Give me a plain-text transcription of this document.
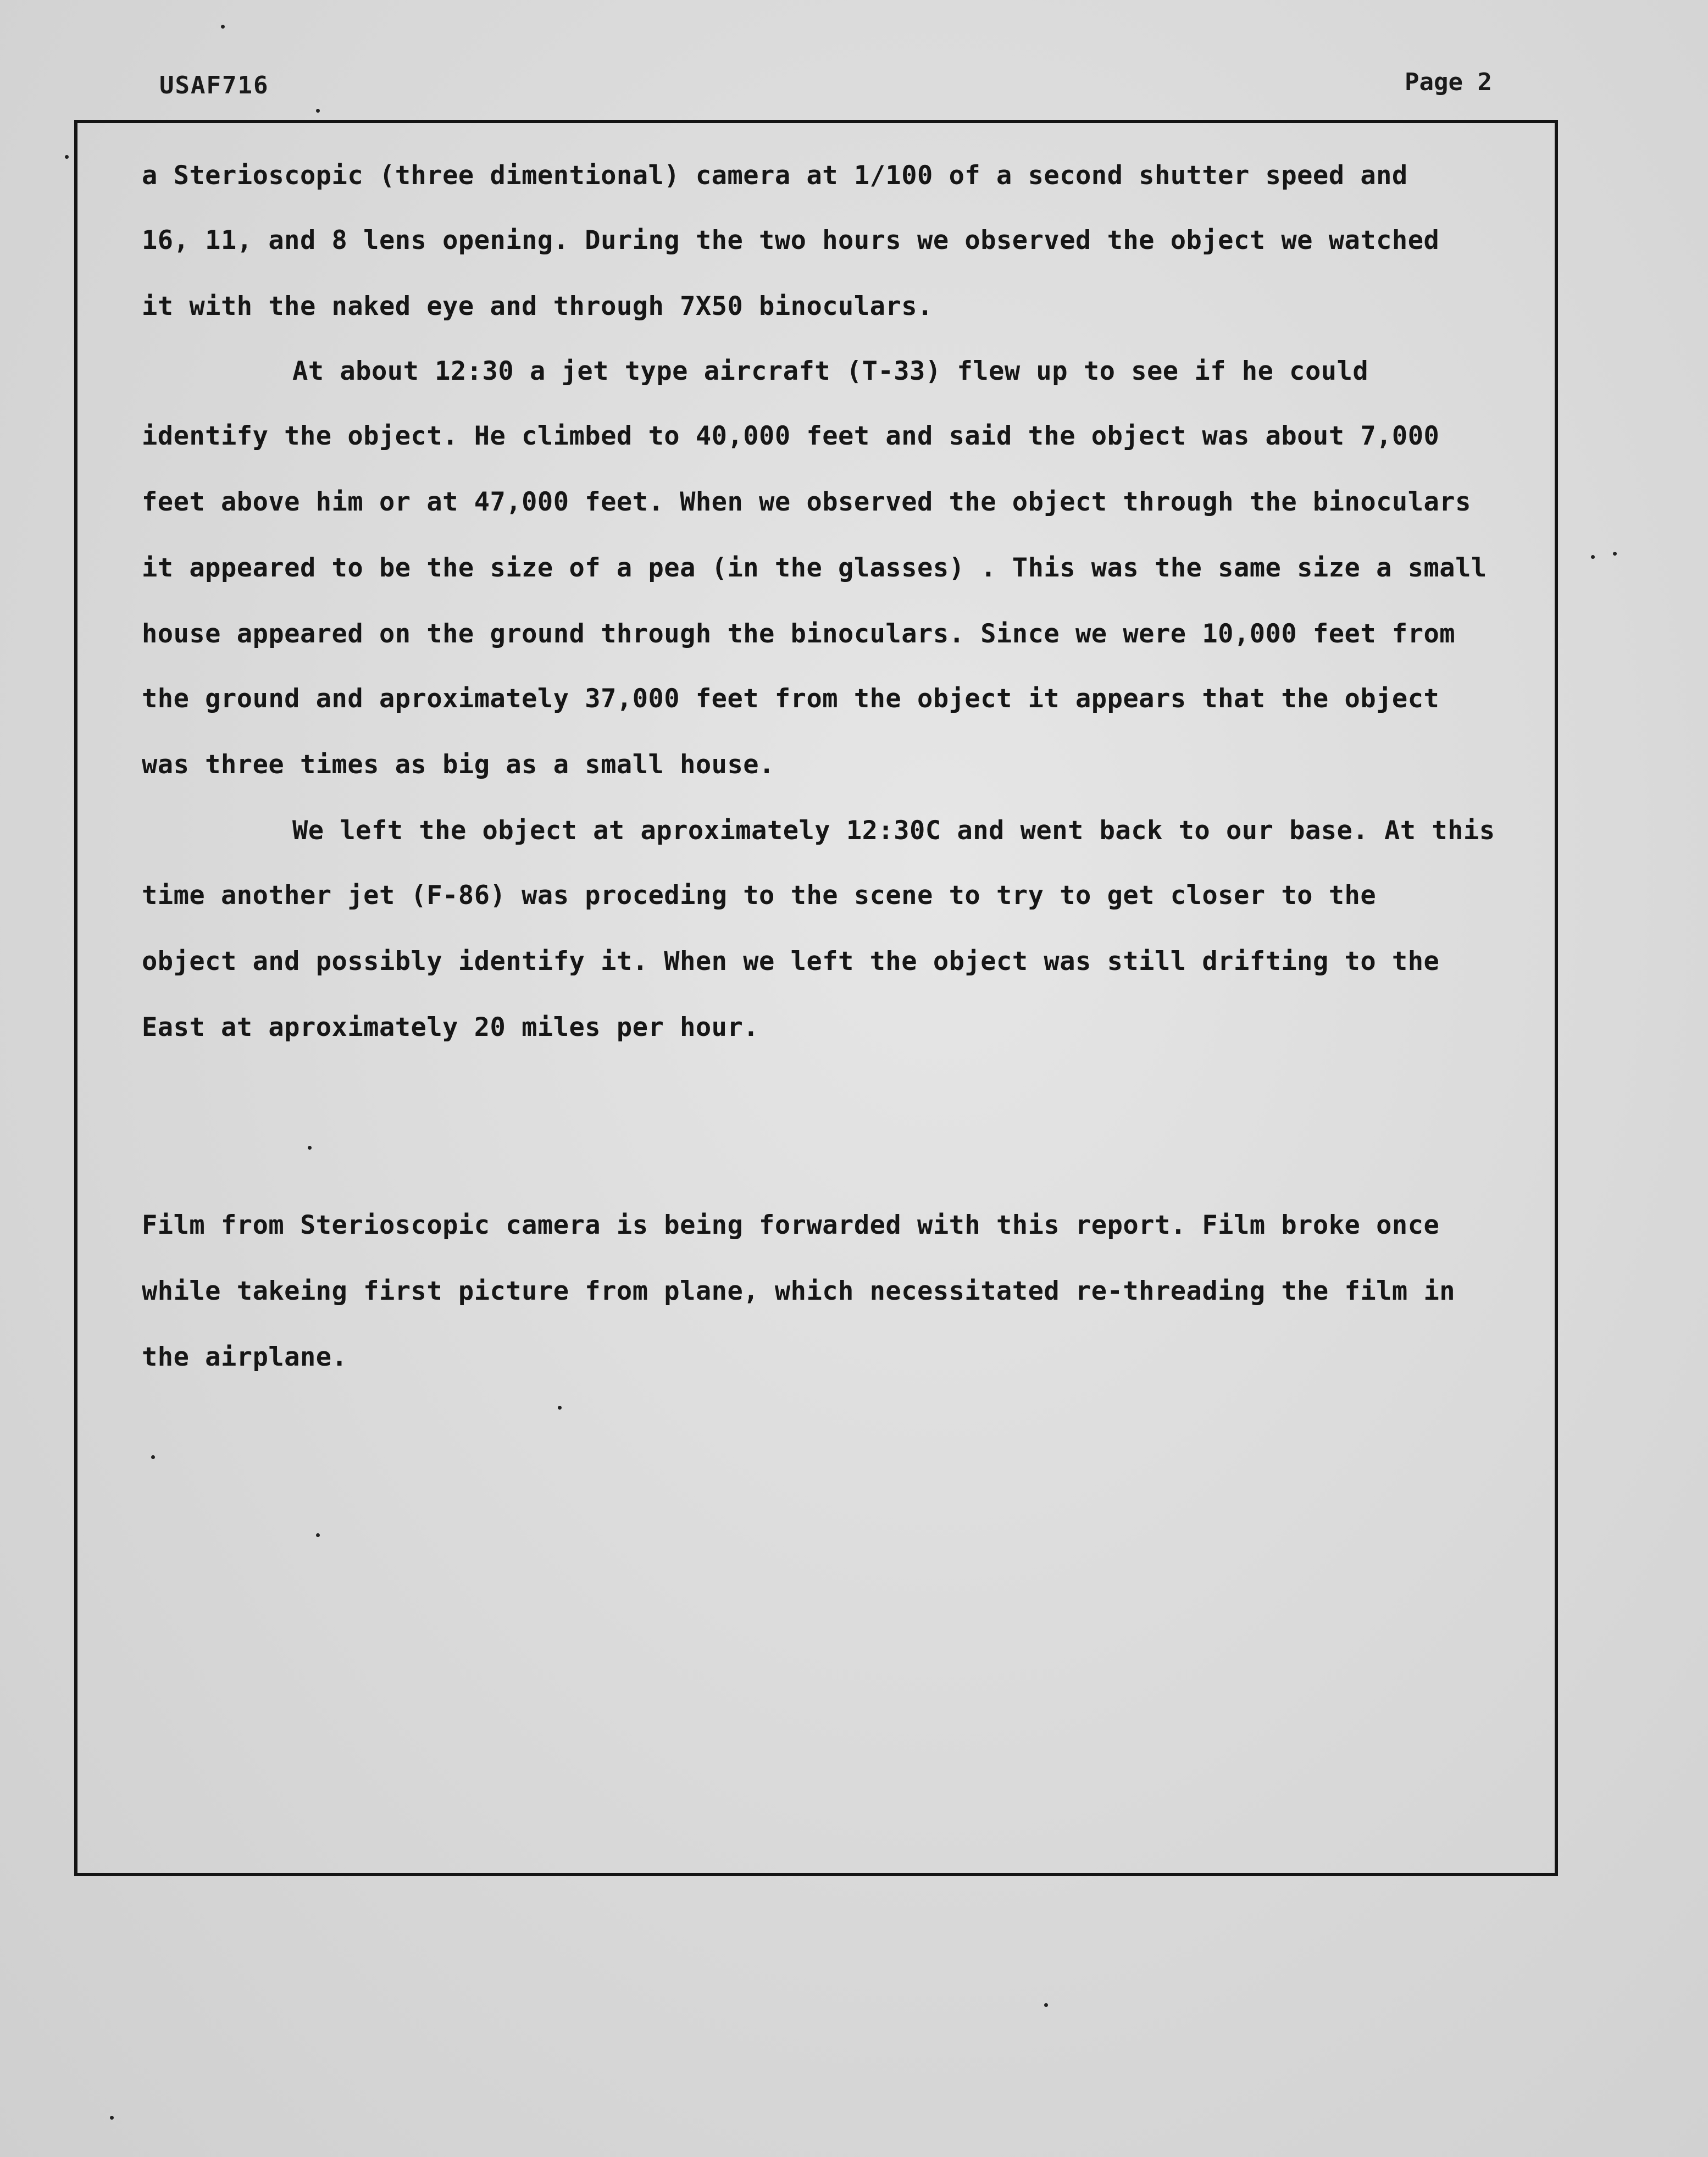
USAF716	Page 2
a Sterioscopic (three dimentional) camera at 1/100 of a second shutter speed and
16, 11, and 8 lens opening. During the two hours we observed the object we watched
it with the naked eye and through 7X50 binoculars.
At about 12:30 a jet type aircraft (T-33) flew up to see if he could
identify the object. He climbed to 40,000 feet and said the object was about 7,000
feet above him or at 47,000 feet. When we observed the object through the binoculars
it appeared to be the size of a pea (in the glasses) . This was the same size a small
house appeared on the ground through the binoculars. Since we were 10,000 feet from
the ground and aproximately 37,000 feet from the object it appears that the object
was three times as big as a small house.
We left the object at aproximately 12:30C and went back to our base. At this
time another jet (F-86) was proceding to the scene to try to get closer to the
object and possibly identify it. When we left the object was still drifting to the
East at aproximately 20 miles per hour.
Film from Sterioscopic camera is being forwarded with this report. Film broke once
while takeing first picture from plane, which necessitated re-threading the film in
the airplane.
